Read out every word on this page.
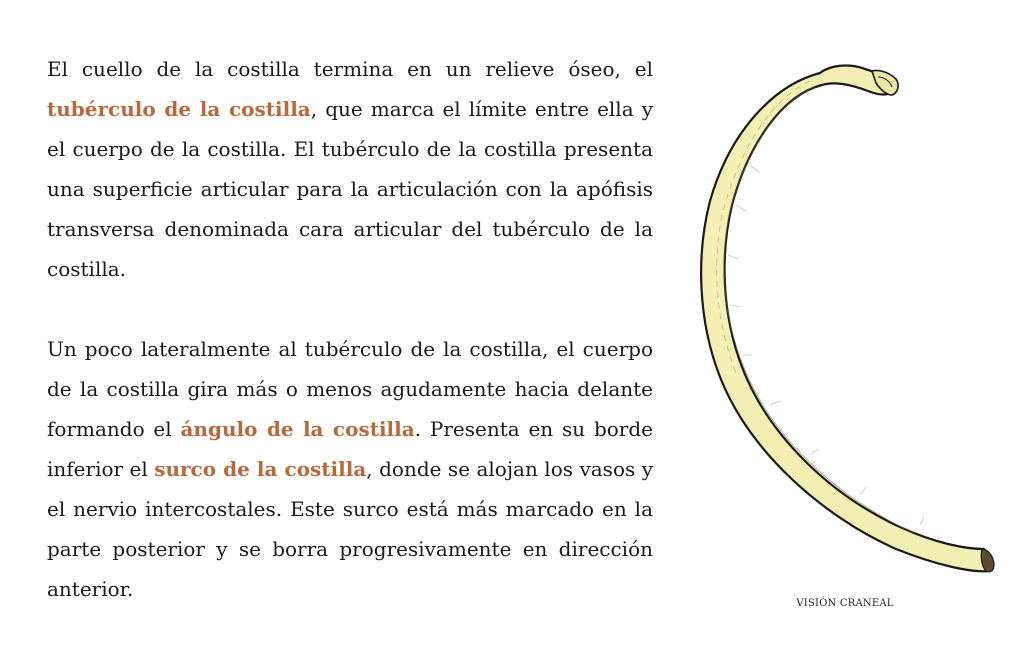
El cuello de la costilla termina en un relieve óseo, el tubérculo de la costilla, que marca el límite entre ella y el cuerpo de la costilla. El tubérculo de la costilla presenta una superficie articular para la articulación con la apófisis transversa denominada cara articular del tubérculo de la costilla.

Un poco lateralmente al tubérculo de la costilla, el cuerpo de la costilla gira más o menos agudamente hacia delante formando el ángulo de la costilla. Presenta en su borde inferior el surco de la costilla, donde se alojan los vasos y el nervio intercostales. Este surco está más marcado en la parte posterior y se borra progresivamente en dirección anterior.

VISIÓN CRANEAL
